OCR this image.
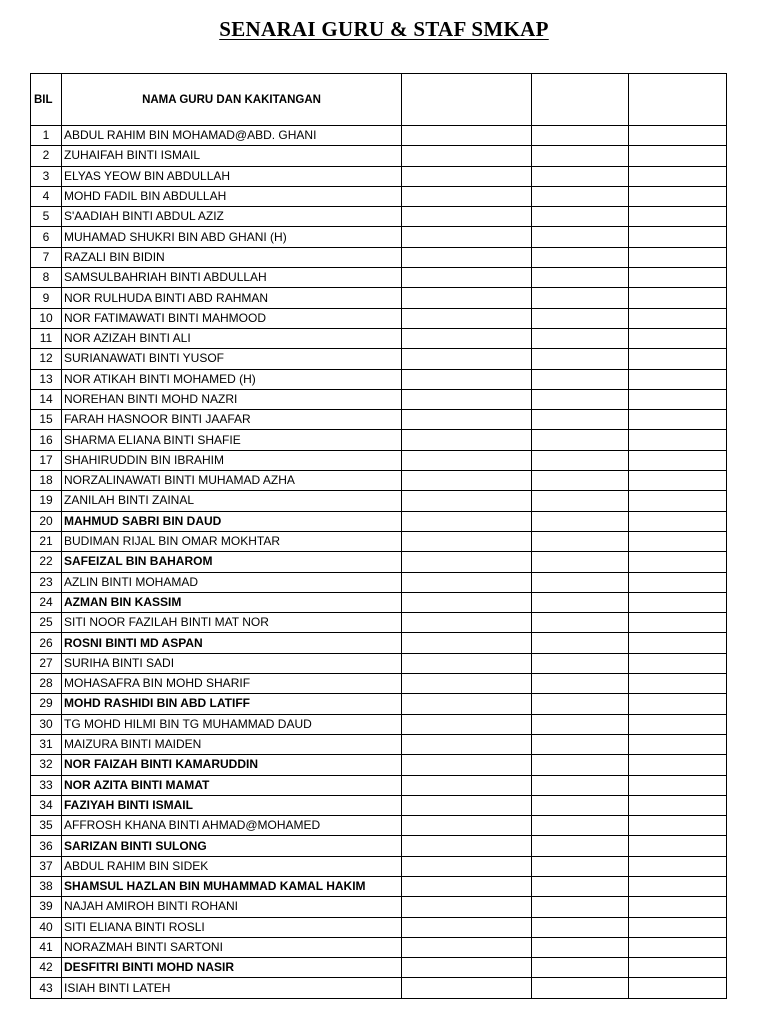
SENARAI GURU & STAF SMKAP
BIL	NAMA GURU DAN KAKITANGAN			
1	ABDUL RAHIM BIN MOHAMAD@ABD. GHANI			
2	ZUHAIFAH BINTI ISMAIL			
3	ELYAS YEOW BIN ABDULLAH			
4	MOHD FADIL BIN ABDULLAH			
5	S'AADIAH BINTI ABDUL AZIZ			
6	MUHAMAD SHUKRI BIN ABD GHANI (H)			
7	RAZALI BIN BIDIN			
8	SAMSULBAHRIAH BINTI ABDULLAH			
9	NOR RULHUDA BINTI ABD RAHMAN			
10	NOR FATIMAWATI BINTI MAHMOOD			
11	NOR AZIZAH BINTI ALI			
12	SURIANAWATI BINTI YUSOF			
13	NOR ATIKAH BINTI MOHAMED (H)			
14	NOREHAN BINTI MOHD NAZRI			
15	FARAH HASNOOR BINTI JAAFAR			
16	SHARMA ELIANA BINTI SHAFIE			
17	SHAHIRUDDIN BIN IBRAHIM			
18	NORZALINAWATI BINTI MUHAMAD AZHA			
19	ZANILAH BINTI ZAINAL			
20	MAHMUD SABRI BIN DAUD			
21	BUDIMAN RIJAL BIN OMAR MOKHTAR			
22	SAFEIZAL BIN BAHAROM			
23	AZLIN BINTI MOHAMAD			
24	AZMAN BIN KASSIM			
25	SITI NOOR FAZILAH BINTI MAT NOR			
26	ROSNI BINTI MD ASPAN			
27	SURIHA BINTI SADI			
28	MOHASAFRA BIN MOHD SHARIF			
29	MOHD RASHIDI BIN ABD LATIFF			
30	TG MOHD HILMI BIN TG MUHAMMAD DAUD			
31	MAIZURA BINTI MAIDEN			
32	NOR FAIZAH BINTI KAMARUDDIN			
33	NOR AZITA BINTI MAMAT			
34	FAZIYAH BINTI ISMAIL			
35	AFFROSH KHANA BINTI AHMAD@MOHAMED			
36	SARIZAN BINTI SULONG			
37	ABDUL RAHIM BIN SIDEK			
38	SHAMSUL HAZLAN BIN MUHAMMAD KAMAL HAKIM			
39	NAJAH AMIROH BINTI ROHANI			
40	SITI ELIANA BINTI ROSLI			
41	NORAZMAH BINTI SARTONI			
42	DESFITRI BINTI MOHD NASIR			
43	ISIAH BINTI LATEH			
